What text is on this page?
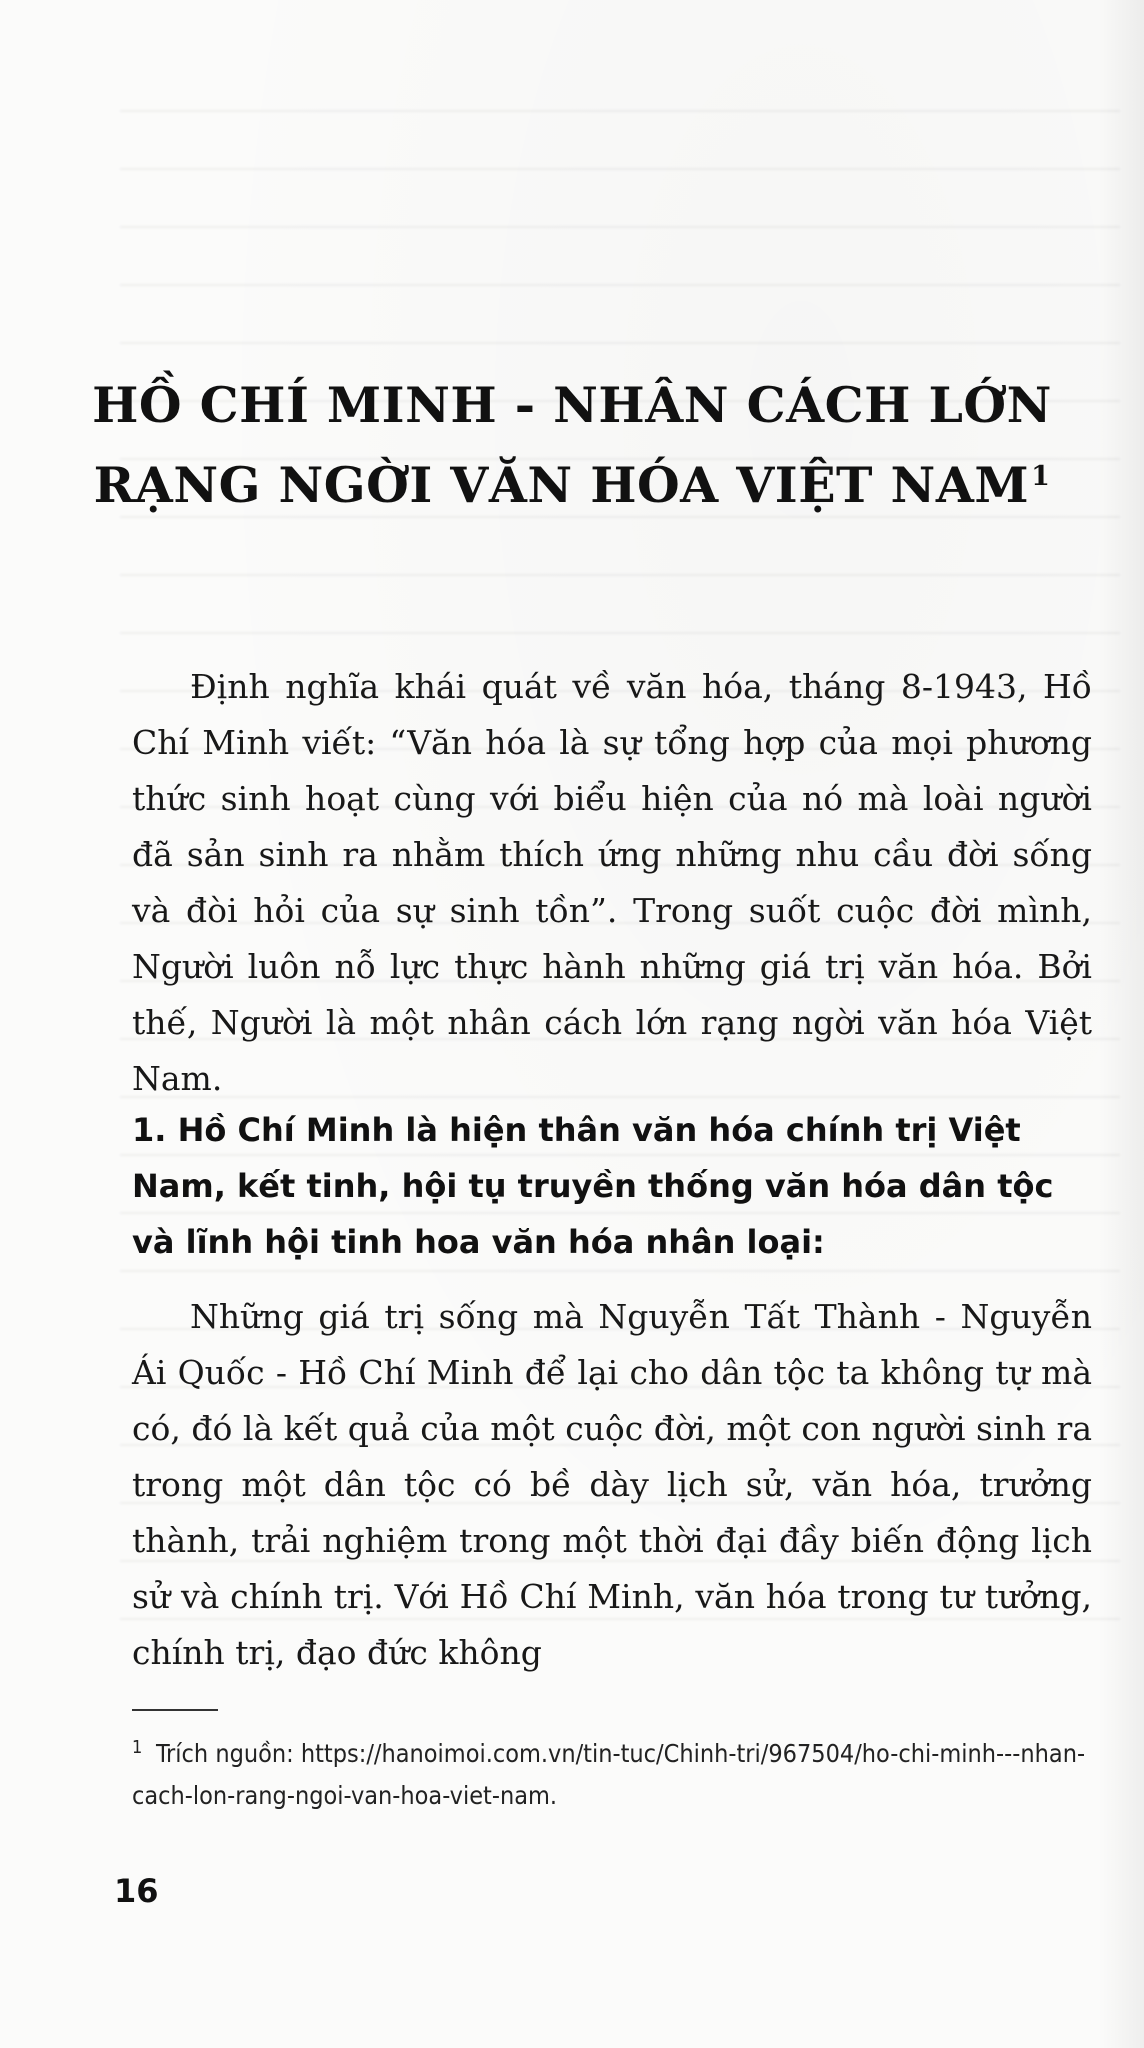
HỒ CHÍ MINH - NHÂN CÁCH LỚN
RẠNG NGỜI VĂN HÓA VIỆT NAM$^1$

Định nghĩa khái quát về văn hóa, tháng 8-1943, Hồ Chí Minh viết: “Văn hóa là sự tổng hợp của mọi phương thức sinh hoạt cùng với biểu hiện của nó mà loài người đã sản sinh ra nhằm thích ứng những nhu cầu đời sống và đòi hỏi của sự sinh tồn”. Trong suốt cuộc đời mình, Người luôn nỗ lực thực hành những giá trị văn hóa. Bởi thế, Người là một nhân cách lớn rạng ngời văn hóa Việt Nam.

1. Hồ Chí Minh là hiện thân văn hóa chính trị Việt Nam, kết tinh, hội tụ truyền thống văn hóa dân tộc và lĩnh hội tinh hoa văn hóa nhân loại:

Những giá trị sống mà Nguyễn Tất Thành - Nguyễn Ái Quốc - Hồ Chí Minh để lại cho dân tộc ta không tự mà có, đó là kết quả của một cuộc đời, một con người sinh ra trong một dân tộc có bề dày lịch sử, văn hóa, trưởng thành, trải nghiệm trong một thời đại đầy biến động lịch sử và chính trị. Với Hồ Chí Minh, văn hóa trong tư tưởng, chính trị, đạo đức không

1 Trích nguồn: https://hanoimoi.com.vn/tin-tuc/Chinh-tri/967504/ho-chi-minh---nhan-cach-lon-rang-ngoi-van-hoa-viet-nam.

16
